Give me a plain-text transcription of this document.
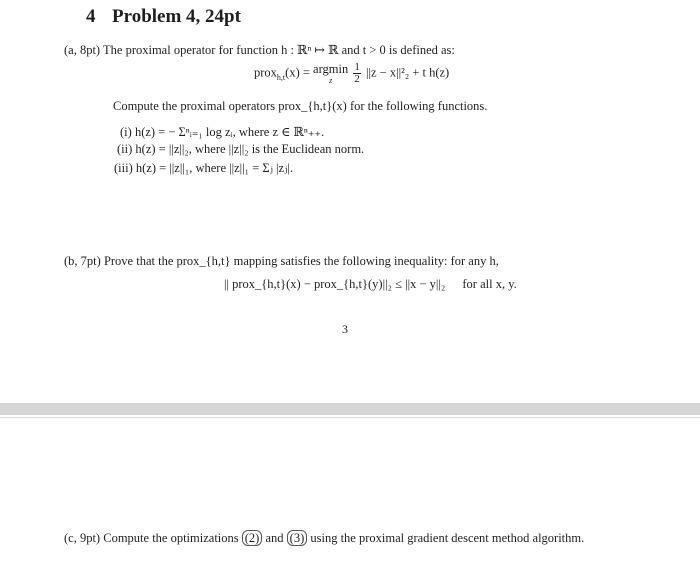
4 Problem 4, 24pt
(a, 8pt) The proximal operator for function h : ℝⁿ ↦ ℝ and t > 0 is defined as:
prox$_{h,t}$(x) = argmin
z
	$\frac{1}{2} ||z - x||^2_2 + t$ h(z)
Compute the proximal operators prox_{h,t}(x) for the following functions.
(i) h(z) = − Σⁿᵢ₌₁ log zᵢ, where z ∈ ℝⁿ₊₊.
(ii) h(z) = ||z||₂, where ||z||₂ is the Euclidean norm.
(iii) h(z) = ||z||₁, where ||z||₁ = Σⱼ |zⱼ|.
(b, 7pt) Prove that the prox_{h,t} mapping satisfies the following inequality: for any h,
|| prox_{h,t}(x) − prox_{h,t}(y)||₂ ≤ ||x − y||₂ for all x, y.
3
(c, 9pt) Compute the optimizations (2) and (3) using the proximal gradient descent method algorithm.
